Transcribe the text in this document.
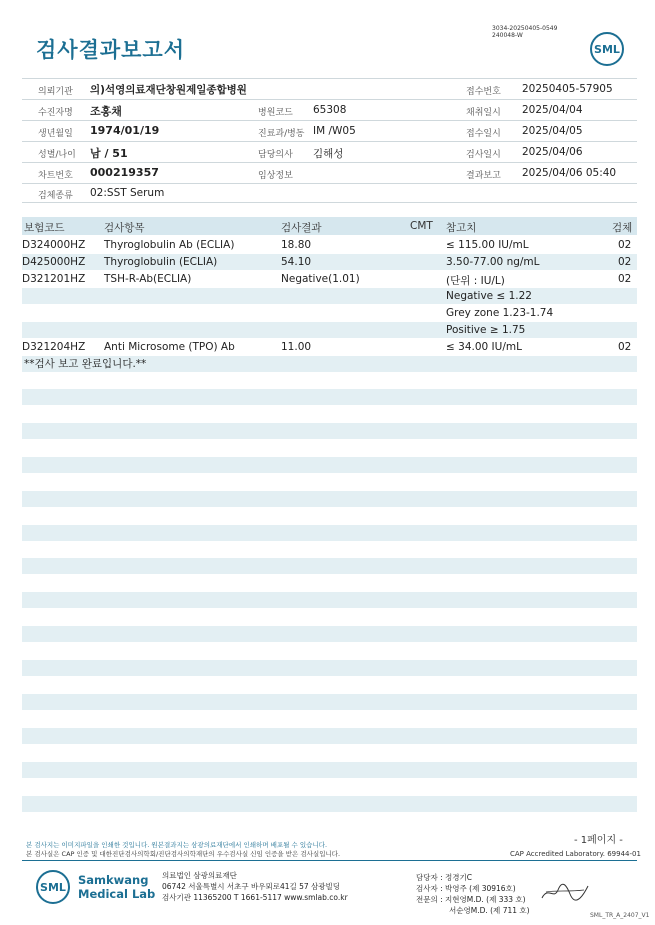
검사결과보고서
3034-20250405-0549
240048-W
SML
의뢰기관 의)석영의료재단창원제일종합병원	접수번호 20250405-57905
수진자명 조홍채	병원코드 65308	채취일시 2025/04/04
생년월일 1974/01/19	진료과/병동 IM /W05	접수일시 2025/04/05
성별/나이 남 / 51	담당의사 김해성	검사일시 2025/04/06
차트번호 000219357	임상정보	결과보고 2025/04/06 05:40
검체종류 02:SST Serum
보험코드	검사항목	검사결과	CMT 참고치	검체
D324000HZ Thyroglobulin Ab (ECLIA)	18.80	≤ 115.00 IU/mL	02
D425000HZ Thyroglobulin (ECLIA)	54.10	3.50-77.00 ng/mL	02
D321201HZ TSH-R-Ab(ECLIA)	Negative(1.01)	(단위 : IU/L)	02
Negative ≤ 1.22
Grey zone 1.23-1.74
Positive ≥ 1.75
D321204HZ Anti Microsome (TPO) Ab	11.00	≤ 34.00 IU/mL	02
**검사 보고 완료입니다.**
- 1페이지 -
본 검사지는 이미지파일을 인쇄한 것입니다. 원본결과지는 삼광의료재단에서 인쇄하며 배포될 수 있습니다.
본 검사실은 CAP 인증 및 대한진단검사의학회/진단검사의학재단의 우수검사실 신임 인증을 받은 검사실입니다.	CAP Accredited Laboratory. 69944-01
SML	Samkwang
Medical Lab
의료법인 삼광의료재단
06742 서울특별시 서초구 바우뫼로41길 57 삼광빌딩
검사기관 11365200 T 1661-5117 www.smlab.co.kr
담당자 : 정경기C
검사자 : 박영주 (제 30916호)
전문의 : 지현영M.D. (제 333 호)
서순영M.D. (제 711 호)
SML_TR_A_2407_V1
